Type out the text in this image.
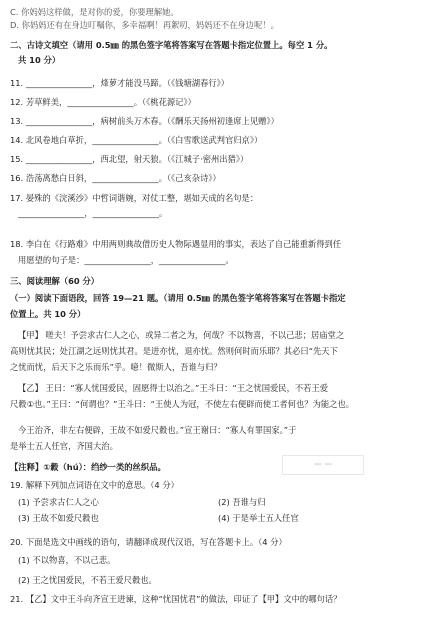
C. 你妈妈这样做，是对你的爱，你要理解她。
D. 你妈妈还有在身边叮嘱你，多幸福啊！再絮叨，妈妈还不在身边呢！。
二、古诗文填空（请用 0.5㎜ 的黑色签字笔将答案写在答题卡指定位置上。每空 1 分。
共 10 分）
11. ________________，烽萝才能没马蹄。（《钱塘湖春行》）
12. 芳草鲜美，________________。（《桃花源记》）
13. ________________，病树前头万木春。（《酬乐天扬州初逢席上见赠》）
14. 北风卷地白草折，________________。（《白雪歌送武判官归京》）
15. ________________，西北望，射天狼。（《江城子·密州出猎》）
16. 浩荡离愁白日斜，________________。（《己亥杂诗》）
17. 晏殊的《浣溪沙》中哲词谐婉，对仗工整，堪如天成的名句是：
________________，________________。
18. 李白在《行路难》中用两则典故借历史人物际遇显用的事实，表达了自己能重新得到任
用愿望的句子是：________________，________________。
三、阅读理解（60 分）
（一）阅读下面语段，回答 19—21 题。（请用 0.5㎜ 的黑色签字笔将答案写在答题卡指定
位置上。共 10 分）
【甲】 嗟夫！予尝求古仁人之心，或异二者之为，何哉？不以物喜，不以己悲；居庙堂之
高则忧其民；处江湖之远则忧其君。是进亦忧，退亦忧。然则何时而乐耶？其必曰“先天下
之忧而忧，后天下之乐而乐”乎。噫！微斯人，吾谁与归？
【乙】 王曰：“寡人忧国爱民，固愿得士以治之。”王斗曰：“王之忧国爱民，不若王爱
尺縠①也。”王曰：“何谓也？”王斗曰：“王使人为冠，不使左右便辟而使工者何也？为能之也。
今王治齐，非左右便辟，王故不如爱尺縠也。”宣王谢曰：“寡人有罪国家。”于
是举士五人任官，齐国大治。
【注释】①縠（hú）：绉纱一类的丝织品。
19. 解释下列加点词语在文中的意思。（4 分）
(1) 予尝求古仁人之心
(3) 王故不如爱尺縠也
20. 下面是选文中画线的语句，请翻译成现代汉语，写在答题卡上。（4 分）
(1) 不以物喜，不以己悲。
(2) 王之忧国爱民，不若王爱尺縠也。
21. 【乙】文中王斗向齐宣王进谏，这种“忧国忧君”的做法，印证了【甲】文中的哪句话？
(2) 吾谁与归
(4) 于是举士五人任官
━ ━
